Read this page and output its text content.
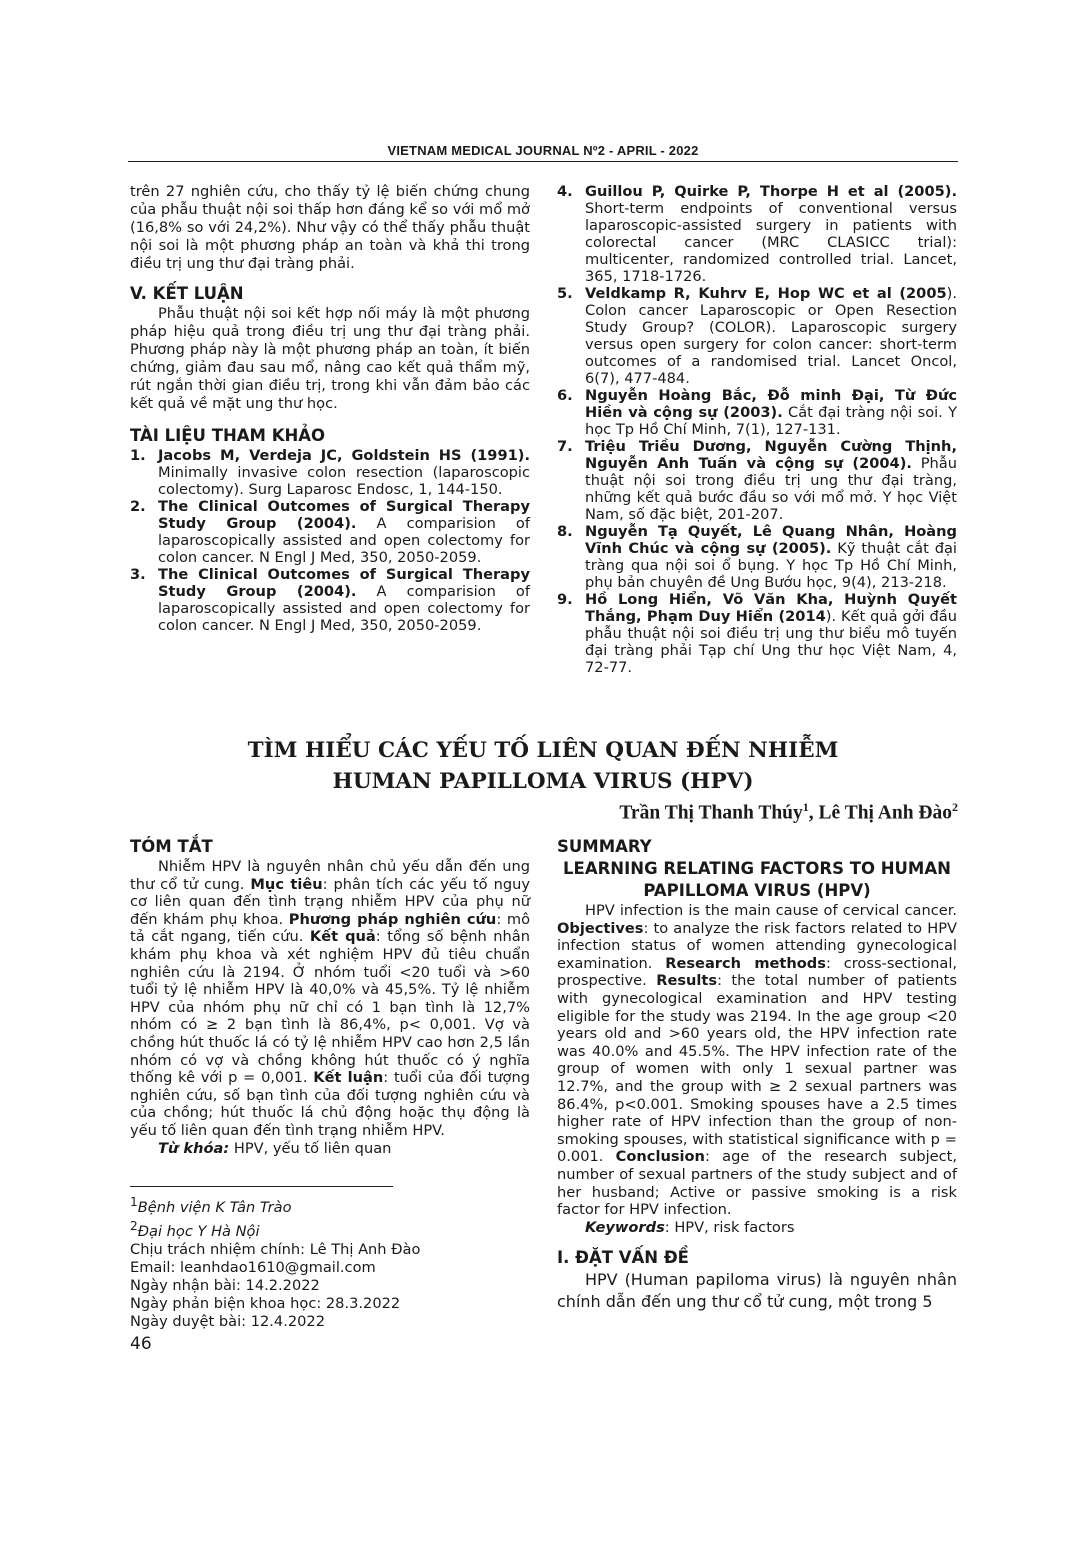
VIETNAM MEDICAL JOURNAL Nº2 - APRIL - 2022

trên 27 nghiên cứu, cho thấy tỷ lệ biến chứng chung của phẫu thuật nội soi thấp hơn đáng kể so với mổ mở (16,8% so với 24,2%). Như vậy có thể thấy phẫu thuật nội soi là một phương pháp an toàn và khả thi trong điều trị ung thư đại tràng phải.

V. KẾT LUẬN

Phẫu thuật nội soi kết hợp nối máy là một phương pháp hiệu quả trong điều trị ung thư đại tràng phải. Phương pháp này là một phương pháp an toàn, ít biến chứng, giảm đau sau mổ, nâng cao kết quả thẩm mỹ, rút ngắn thời gian điều trị, trong khi vẫn đảm bảo các kết quả về mặt ung thư học.

TÀI LIỆU THAM KHẢO
1. Jacobs M, Verdeja JC, Goldstein HS (1991). Minimally invasive colon resection (laparoscopic colectomy). Surg Laparosc Endosc, 1, 144-150.
2. The Clinical Outcomes of Surgical Therapy Study Group (2004). A comparision of laparoscopically assisted and open colectomy for colon cancer. N Engl J Med, 350, 2050-2059.
3. The Clinical Outcomes of Surgical Therapy Study Group (2004). A comparision of laparoscopically assisted and open colectomy for colon cancer. N Engl J Med, 350, 2050-2059.
4. Guillou P, Quirke P, Thorpe H et al (2005). Short-term endpoints of conventional versus laparoscopic-assisted surgery in patients with colorectal cancer (MRC CLASICC trial): multicenter, randomized controlled trial. Lancet, 365, 1718-1726.
5. Veldkamp R, Kuhrv E, Hop WC et al (2005). Colon cancer Laparoscopic or Open Resection Study Group? (COLOR). Laparoscopic surgery versus open surgery for colon cancer: short-term outcomes of a randomised trial. Lancet Oncol, 6(7), 477-484.
6. Nguyễn Hoàng Bắc, Đỗ minh Đại, Từ Đức Hiền và cộng sự (2003). Cắt đại tràng nội soi. Y học Tp Hồ Chí Minh, 7(1), 127-131.
7. Triệu Triều Dương, Nguyễn Cường Thịnh, Nguyễn Anh Tuấn và cộng sự (2004). Phẫu thuật nội soi trong điều trị ung thư đại tràng, những kết quả bước đầu so với mổ mở. Y học Việt Nam, số đặc biệt, 201-207.
8. Nguyễn Tạ Quyết, Lê Quang Nhân, Hoàng Vĩnh Chúc và cộng sự (2005). Kỹ thuật cắt đại tràng qua nội soi ổ bụng. Y học Tp Hồ Chí Minh, phụ bản chuyên đề Ung Bướu học, 9(4), 213-218.
9. Hồ Long Hiển, Võ Văn Kha, Huỳnh Quyết Thắng, Phạm Duy Hiển (2014). Kết quả gởi đầu phẫu thuật nội soi điều trị ung thư biểu mô tuyến đại tràng phải Tạp chí Ung thư học Việt Nam, 4, 72-77.
TÌM HIỂU CÁC YẾU TỐ LIÊN QUAN ĐẾN NHIỄM
HUMAN PAPILLOMA VIRUS (HPV)
Trần Thị Thanh Thúy$^1$, Lê Thị Anh Đào$^2$
TÓM TẮT

Nhiễm HPV là nguyên nhân chủ yếu dẫn đến ung thư cổ tử cung. Mục tiêu: phân tích các yếu tố nguy cơ liên quan đến tình trạng nhiễm HPV của phụ nữ đến khám phụ khoa. Phương pháp nghiên cứu: mô tả cắt ngang, tiến cứu. Kết quả: tổng số bệnh nhân khám phụ khoa và xét nghiệm HPV đủ tiêu chuẩn nghiên cứu là 2194. Ở nhóm tuổi <20 tuổi và >60 tuổi tỷ lệ nhiễm HPV là 40,0% và 45,5%. Tỷ lệ nhiễm HPV của nhóm phụ nữ chỉ có 1 bạn tình là 12,7% nhóm có ≥ 2 bạn tình là 86,4%, p< 0,001. Vợ và chồng hút thuốc lá có tỷ lệ nhiễm HPV cao hơn 2,5 lần nhóm có vợ và chồng không hút thuốc có ý nghĩa thống kê với p = 0,001. Kết luận: tuổi của đối tượng nghiên cứu, số bạn tình của đối tượng nghiên cứu và của chồng; hút thuốc lá chủ động hoặc thụ động là yếu tố liên quan đến tình trạng nhiễm HPV.

Từ khóa: HPV, yếu tố liên quan

$^1$Bệnh viện K Tân Trào
$^2$Đại học Y Hà Nội
Chịu trách nhiệm chính: Lê Thị Anh Đào
Email: leanhdao1610@gmail.com
Ngày nhận bài: 14.2.2022
Ngày phản biện khoa học: 28.3.2022
Ngày duyệt bài: 12.4.2022
46
SUMMARY
LEARNING RELATING FACTORS TO HUMAN PAPILLOMA VIRUS (HPV)

HPV infection is the main cause of cervical cancer. Objectives: to analyze the risk factors related to HPV infection status of women attending gynecological examination. Research methods: cross-sectional, prospective. Results: the total number of patients with gynecological examination and HPV testing eligible for the study was 2194. In the age group <20 years old and >60 years old, the HPV infection rate was 40.0% and 45.5%. The HPV infection rate of the group of women with only 1 sexual partner was 12.7%, and the group with ≥ 2 sexual partners was 86.4%, p<0.001. Smoking spouses have a 2.5 times higher rate of HPV infection than the group of non-smoking spouses, with statistical significance with p = 0.001. Conclusion: age of the research subject, number of sexual partners of the study subject and of her husband; Active or passive smoking is a risk factor for HPV infection.

Keywords: HPV, risk factors

I. ĐẶT VẤN ĐỀ

HPV (Human papiloma virus) là nguyên nhân chính dẫn đến ung thư cổ tử cung, một trong 5
